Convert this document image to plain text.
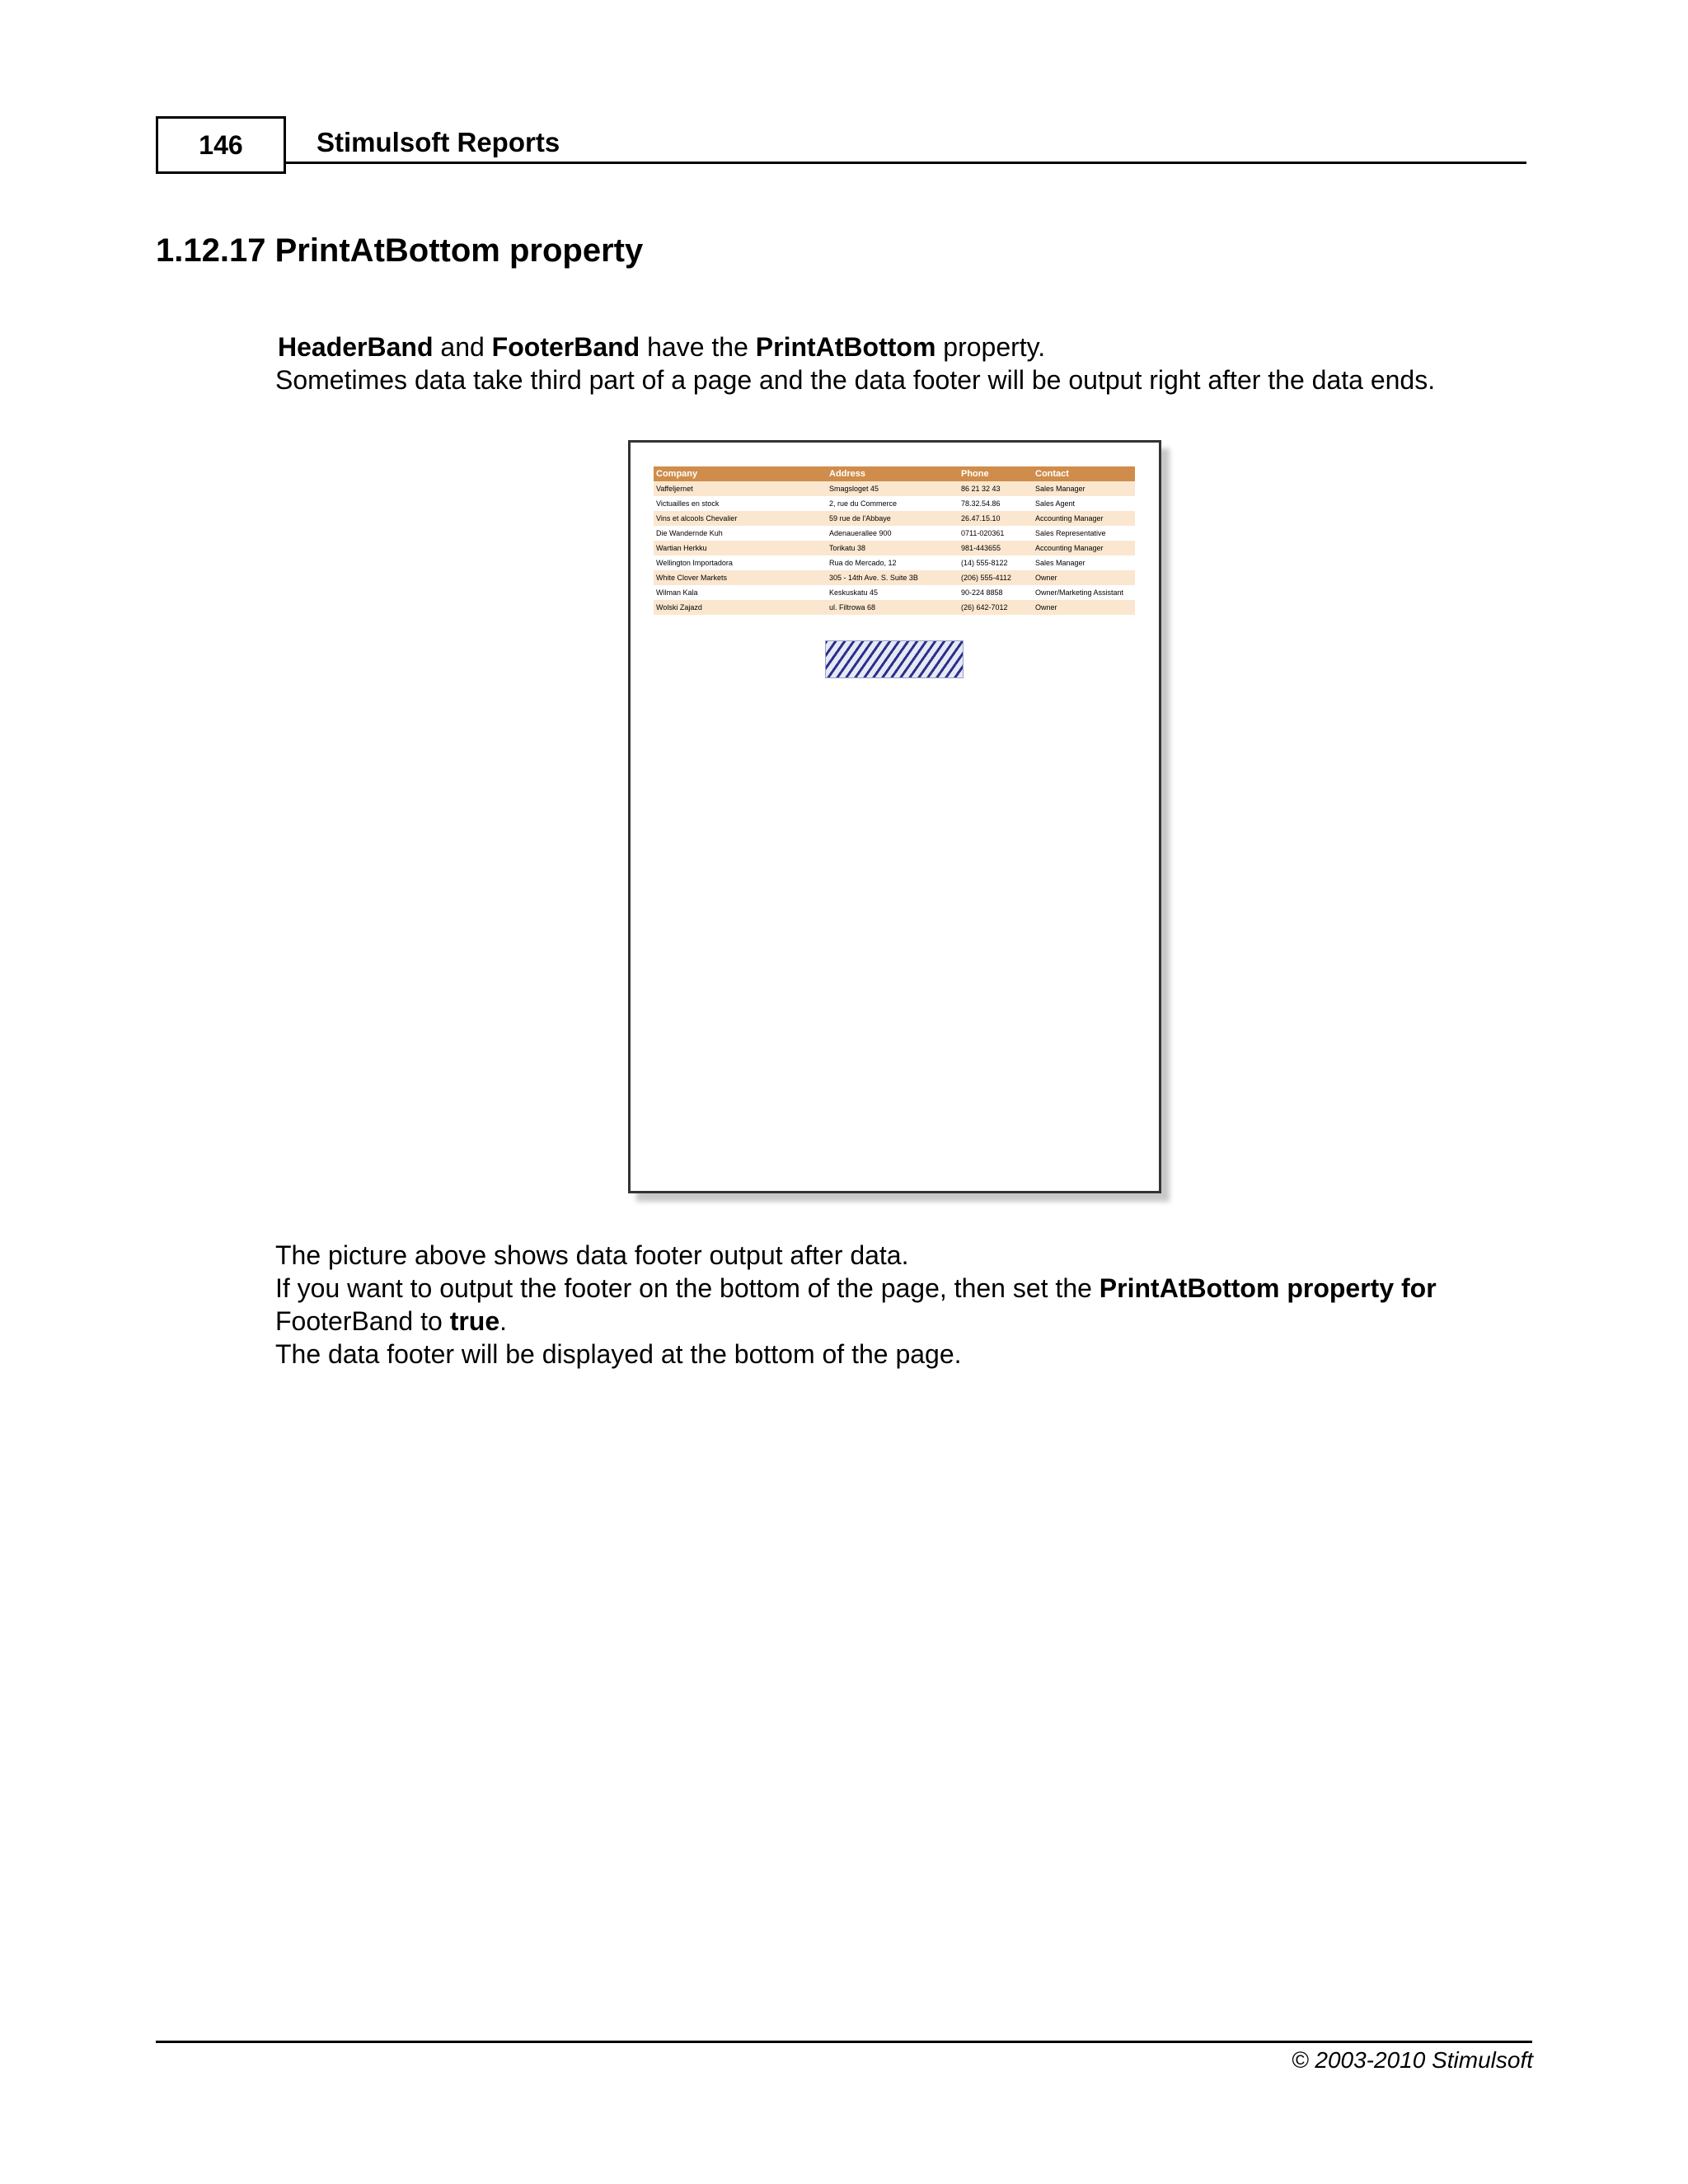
146	Stimulsoft Reports
1.12.17 PrintAtBottom property
HeaderBand and FooterBand have the PrintAtBottom property.
Sometimes data take third part of a page and the data footer will be output right after the data ends.
Company	Address	Phone	Contact
Vaffeljernet	Smagsloget 45	86 21 32 43	Sales Manager
Victuailles en stock	2, rue du Commerce	78.32.54.86	Sales Agent
Vins et alcools Chevalier	59 rue de l'Abbaye	26.47.15.10	Accounting Manager
Die Wandernde Kuh	Adenauerallee 900	0711-020361	Sales Representative
Wartian Herkku	Torikatu 38	981-443655	Accounting Manager
Wellington Importadora	Rua do Mercado, 12	(14) 555-8122	Sales Manager
White Clover Markets	305 - 14th Ave. S. Suite 3B	(206) 555-4112	Owner
Wilman Kala	Keskuskatu 45	90-224 8858	Owner/Marketing Assistant
Wolski Zajazd	ul. Filtrowa 68	(26) 642-7012	Owner
The picture above shows data footer output after data.
If you want to output the footer on the bottom of the page, then set the PrintAtBottom property for
FooterBand to true.
The data footer will be displayed at the bottom of the page.
© 2003-2010 Stimulsoft
